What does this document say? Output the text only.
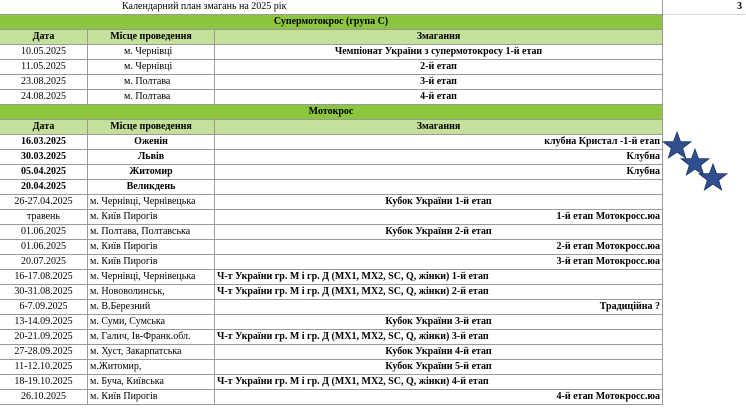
Календарний план змагань на 2025 рік	3
Супермотокрос (група С)
Дата	Місце проведення	Змагання
10.05.2025	м. Чернівці	Чемпіонат України з супермотокросу 1-й етап
11.05.2025	м. Чернівці	2-й етап
23.08.2025	м. Полтава	3-й етап
24.08.2025	м. Полтава	4-й етап
Мотокрос
Дата	Місце проведення	Змагання
16.03.2025	Оженін	клубна Кристал -1-й етап
30.03.2025	Львів	Клубна
05.04.2025	Житомир	Клубна
20.04.2025	Великдень
26-27.04.2025	м. Чернівці, Чернівецька	Кубок України 1-й етап
травень	м. Київ Пирогів	1-й етап Мотокросс.юа
01.06.2025	м. Полтава, Полтавська	Кубок України 2-й етап
01.06.2025	м. Київ Пирогів	2-й етап Мотокросс.юа
20.07.2025	м. Київ Пирогів	3-й етап Мотокросс.юа
16-17.08.2025	м. Чернівці, Чернівецька	Ч-т України гр. М і гр. Д (МХ1, МХ2, SC, Q, жінки) 1-й етап
30-31.08.2025	м. Нововолинськ,	Ч-т України гр. М і гр. Д (МХ1, МХ2, SC, Q, жінки) 2-й етап
6-7.09.2025	м. В.Березний	Традиційна ?
13-14.09.2025	м. Суми, Сумська	Кубок України 3-й етап
20-21.09.2025	м. Галич, Ів-Франк.обл.	Ч-т України гр. М і гр. Д (МХ1, МХ2, SC, Q, жінки) 3-й етап
27-28.09.2025	м. Хуст, Закарпатська	Кубок України 4-й етап
11-12.10.2025	м.Житомир,	Кубок України 5-й етап
18-19.10.2025	м. Буча, Київська	Ч-т України гр. М і гр. Д (МХ1, МХ2, SC, Q, жінки) 4-й етап
26.10.2025	м. Київ Пирогів	4-й етап Мотокросс.юа
